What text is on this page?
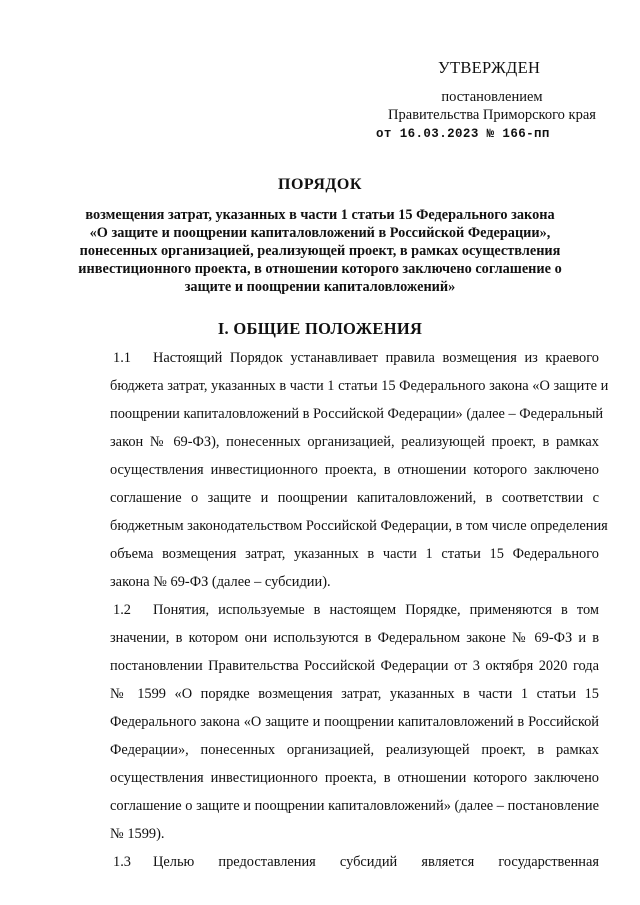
УТВЕРЖДЕН
постановлением
Правительства Приморского края
от 16.03.2023 № 166-пп
ПОРЯДОК
возмещения затрат, указанных в части 1 статьи 15 Федерального закона
«О защите и поощрении капиталовложений в Российской Федерации»,
понесенных организацией, реализующей проект, в рамках осуществления
инвестиционного проекта, в отношении которого заключено соглашение о
защите и поощрении капиталовложений»
I. ОБЩИЕ ПОЛОЖЕНИЯ
1.1 Настоящий Порядок устанавливает правила возмещения из краевого
бюджета затрат, указанных в части 1 статьи 15 Федерального закона «О защите и
поощрении капиталовложений в Российской Федерации» (далее – Федеральный
закон № 69-ФЗ), понесенных организацией, реализующей проект, в рамках
осуществления инвестиционного проекта, в отношении которого заключено
соглашение о защите и поощрении капиталовложений, в соответствии с
бюджетным законодательством Российской Федерации, в том числе определения
объема возмещения затрат, указанных в части 1 статьи 15 Федерального
закона № 69-ФЗ (далее – субсидии).
1.2 Понятия, используемые в настоящем Порядке, применяются в том
значении, в котором они используются в Федеральном законе № 69-ФЗ и в
постановлении Правительства Российской Федерации от 3 октября 2020 года
№ 1599 «О порядке возмещения затрат, указанных в части 1 статьи 15
Федерального закона «О защите и поощрении капиталовложений в Российской
Федерации», понесенных организацией, реализующей проект, в рамках
осуществления инвестиционного проекта, в отношении которого заключено
соглашение о защите и поощрении капиталовложений» (далее – постановление
№ 1599).
1.3 Целью предоставления субсидий является государственная
